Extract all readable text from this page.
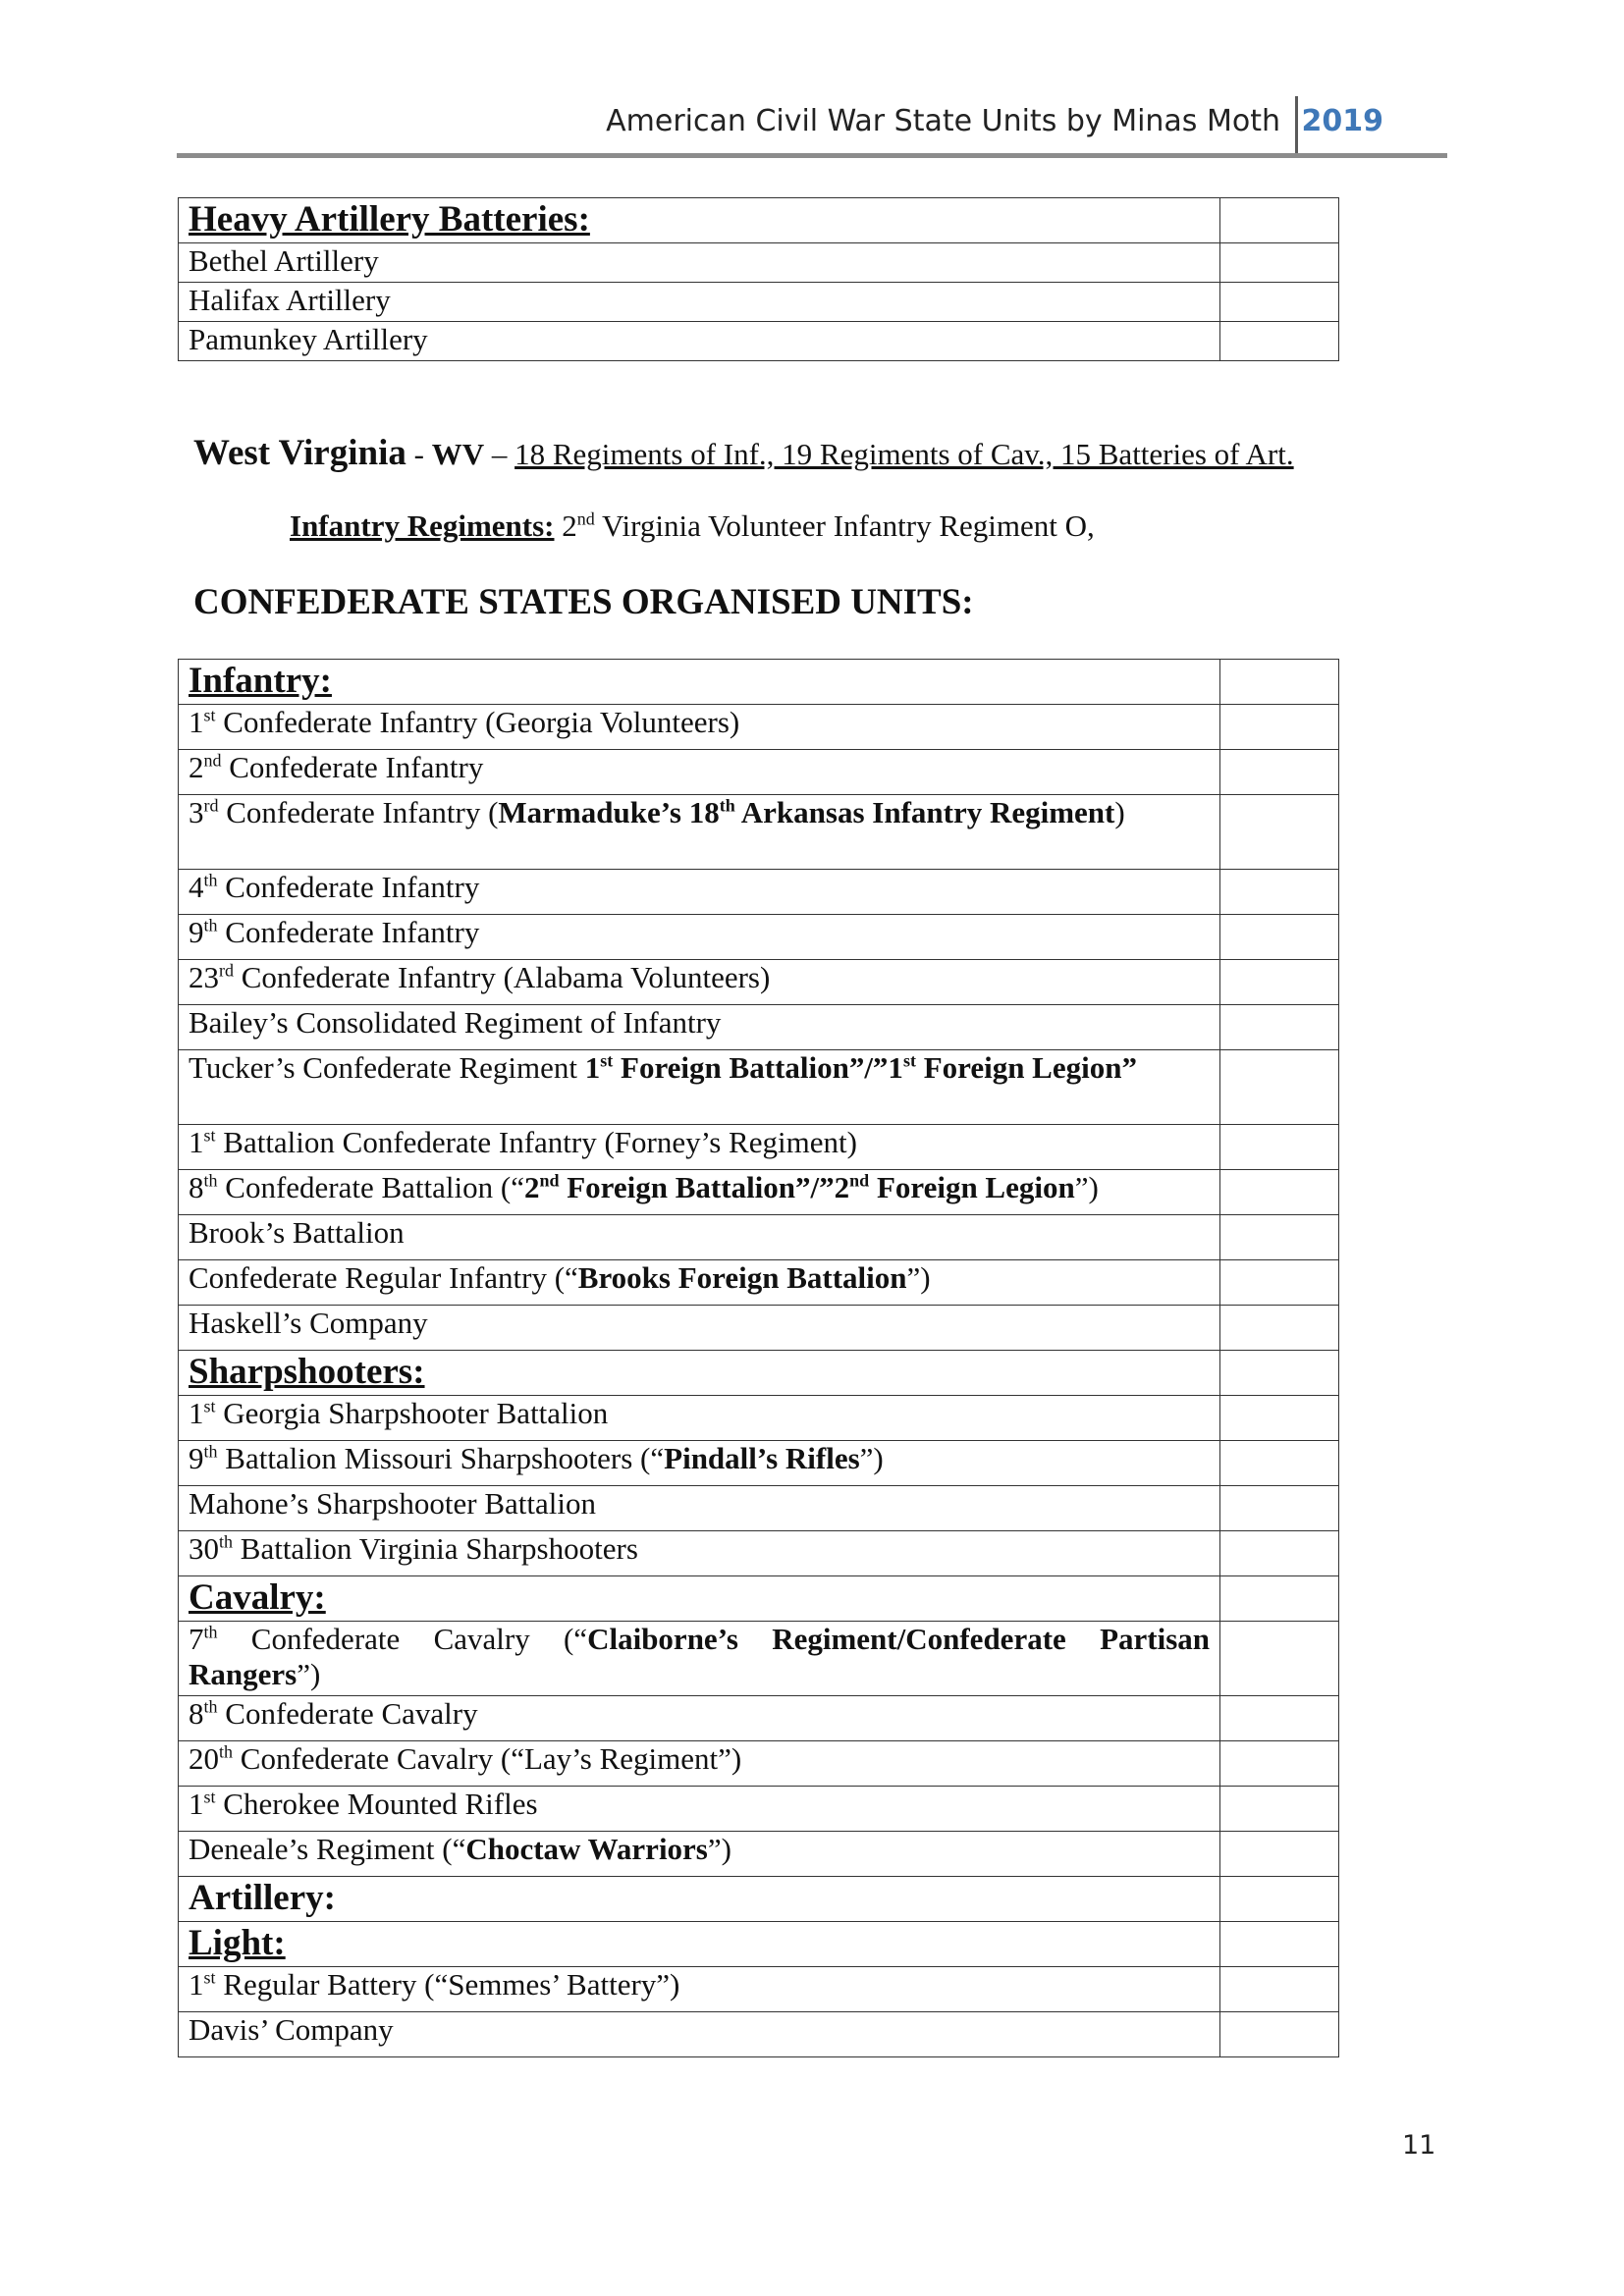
American Civil War State Units by Minas Moth 2019
Heavy Artillery Batteries:	
Bethel Artillery	
Halifax Artillery	
Pamunkey Artillery	
West Virginia - WV – 18 Regiments of Inf., 19 Regiments of Cav., 15 Batteries of Art.
Infantry Regiments: 2nd Virginia Volunteer Infantry Regiment O,
CONFEDERATE STATES ORGANISED UNITS:
Infantry:	
1st Confederate Infantry (Georgia Volunteers)	
2nd Confederate Infantry	
3rd Confederate Infantry (Marmaduke’s 18th Arkansas Infantry Regiment)	
4th Confederate Infantry	
9th Confederate Infantry	
23rd Confederate Infantry (Alabama Volunteers)	
Bailey’s Consolidated Regiment of Infantry	
Tucker’s Confederate Regiment 1st Foreign Battalion”/”1st Foreign Legion”	
1st Battalion Confederate Infantry (Forney’s Regiment)	
8th Confederate Battalion (“2nd Foreign Battalion”/”2nd Foreign Legion”)	
Brook’s Battalion	
Confederate Regular Infantry (“Brooks Foreign Battalion”)	
Haskell’s Company	
Sharpshooters:	
1st Georgia Sharpshooter Battalion	
9th Battalion Missouri Sharpshooters (“Pindall’s Rifles”)	
Mahone’s Sharpshooter Battalion	
30th Battalion Virginia Sharpshooters	
Cavalry:	
7th Confederate Cavalry (“Claiborne’s Regiment/Confederate Partisan Rangers”)	
8th Confederate Cavalry	
20th Confederate Cavalry (“Lay’s Regiment”)	
1st Cherokee Mounted Rifles	
Deneale’s Regiment (“Choctaw Warriors”)	
Artillery:	
Light:	
1st Regular Battery (“Semmes’ Battery”)	
Davis’ Company	
11
